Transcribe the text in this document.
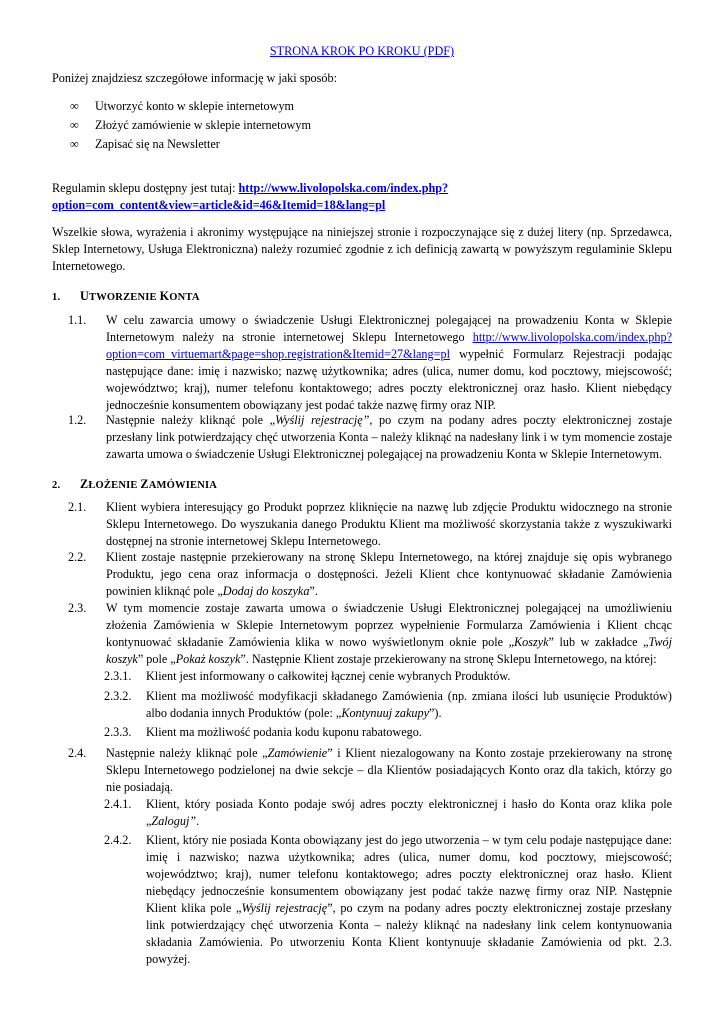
STRONA KROK PO KROKU (PDF)

Poniżej znajdziesz szczegółowe informację w jaki sposób:

∞	Utworzyć konto w sklepie internetowym
∞	Złożyć zamówienie w sklepie internetowym
∞	Zapisać się na Newsletter

Regulamin sklepu dostępny jest tutaj: http://www.livolopolska.com/index.php?
option=com_content&view=article&id=46&Itemid=18&lang=pl

Wszelkie słowa, wyrażenia i akronimy występujące na niniejszej stronie i rozpoczynające się z dużej litery (np. Sprzedawca, Sklep Internetowy, Usługa Elektroniczna) należy rozumieć zgodnie z ich definicją zawartą w powyższym regulaminie Sklepu Internetowego.

1. UTWORZENIE KONTA
1.1.	W celu zawarcia umowy o świadczenie Usługi Elektronicznej polegającej na prowadzeniu Konta w Sklepie Internetowym należy na stronie internetowej Sklepu Internetowego http://www.livolopolska.com/index.php? option=com_virtuemart&page=shop.registration&Itemid=27&lang=pl wypełnić Formularz Rejestracji podając następujące dane: imię i nazwisko; nazwę użytkownika; adres (ulica, numer domu, kod pocztowy, miejscowość; województwo; kraj), numer telefonu kontaktowego; adres poczty elektronicznej oraz hasło. Klient niebędący jednocześnie konsumentem obowiązany jest podać także nazwę firmy oraz NIP.

1.2.	Następnie należy kliknąć pole „Wyślij rejestrację”, po czym na podany adres poczty elektronicznej zostaje przesłany link potwierdzający chęć utworzenia Konta – należy kliknąć na nadesłany link i w tym momencie zostaje zawarta umowa o świadczenie Usługi Elektronicznej polegającej na prowadzeniu Konta w Sklepie Internetowym.

2. ZŁOŻENIE ZAMÓWIENIA
2.1.	Klient wybiera interesujący go Produkt poprzez kliknięcie na nazwę lub zdjęcie Produktu widocznego na stronie Sklepu Internetowego. Do wyszukania danego Produktu Klient ma możliwość skorzystania także z wyszukiwarki dostępnej na stronie internetowej Sklepu Internetowego.

2.2.	Klient zostaje następnie przekierowany na stronę Sklepu Internetowego, na której znajduje się opis wybranego Produktu, jego cena oraz informacja o dostępności. Jeżeli Klient chce kontynuować składanie Zamówienia powinien kliknąć pole „Dodaj do koszyka”.

2.3.	W tym momencie zostaje zawarta umowa o świadczenie Usługi Elektronicznej polegającej na umożliwieniu złożenia Zamówienia w Sklepie Internetowym poprzez wypełnienie Formularza Zamówienia i Klient chcąc kontynuować składanie Zamówienia klika w nowo wyświetlonym oknie pole „Koszyk” lub w zakładce „Twój koszyk” pole „Pokaż koszyk”. Następnie Klient zostaje przekierowany na stronę Sklepu Internetowego, na której:

2.3.1.	Klient jest informowany o całkowitej łącznej cenie wybranych Produktów.

2.3.2.	Klient ma możliwość modyfikacji składanego Zamówienia (np. zmiana ilości lub usunięcie Produktów) albo dodania innych Produktów (pole: „Kontynuuj zakupy”).

2.3.3.	Klient ma możliwość podania kodu kuponu rabatowego.

2.4.	Następnie należy kliknąć pole „Zamówienie” i Klient niezalogowany na Konto zostaje przekierowany na stronę Sklepu Internetowego podzielonej na dwie sekcje – dla Klientów posiadających Konto oraz dla takich, którzy go nie posiadają.

2.4.1.	Klient, który posiada Konto podaje swój adres poczty elektronicznej i hasło do Konta oraz klika pole „Zaloguj”.

2.4.2.	Klient, który nie posiada Konta obowiązany jest do jego utworzenia – w tym celu podaje następujące dane: imię i nazwisko; nazwa użytkownika; adres (ulica, numer domu, kod pocztowy, miejscowość; województwo; kraj), numer telefonu kontaktowego; adres poczty elektronicznej oraz hasło. Klient niebędący jednocześnie konsumentem obowiązany jest podać także nazwę firmy oraz NIP. Następnie Klient klika pole „Wyślij rejestrację”, po czym na podany adres poczty elektronicznej zostaje przesłany link potwierdzający chęć utworzenia Konta – należy kliknąć na nadesłany link celem kontynuowania składania Zamówienia. Po utworzeniu Konta Klient kontynuuje składanie Zamówienia od pkt. 2.3. powyżej.
